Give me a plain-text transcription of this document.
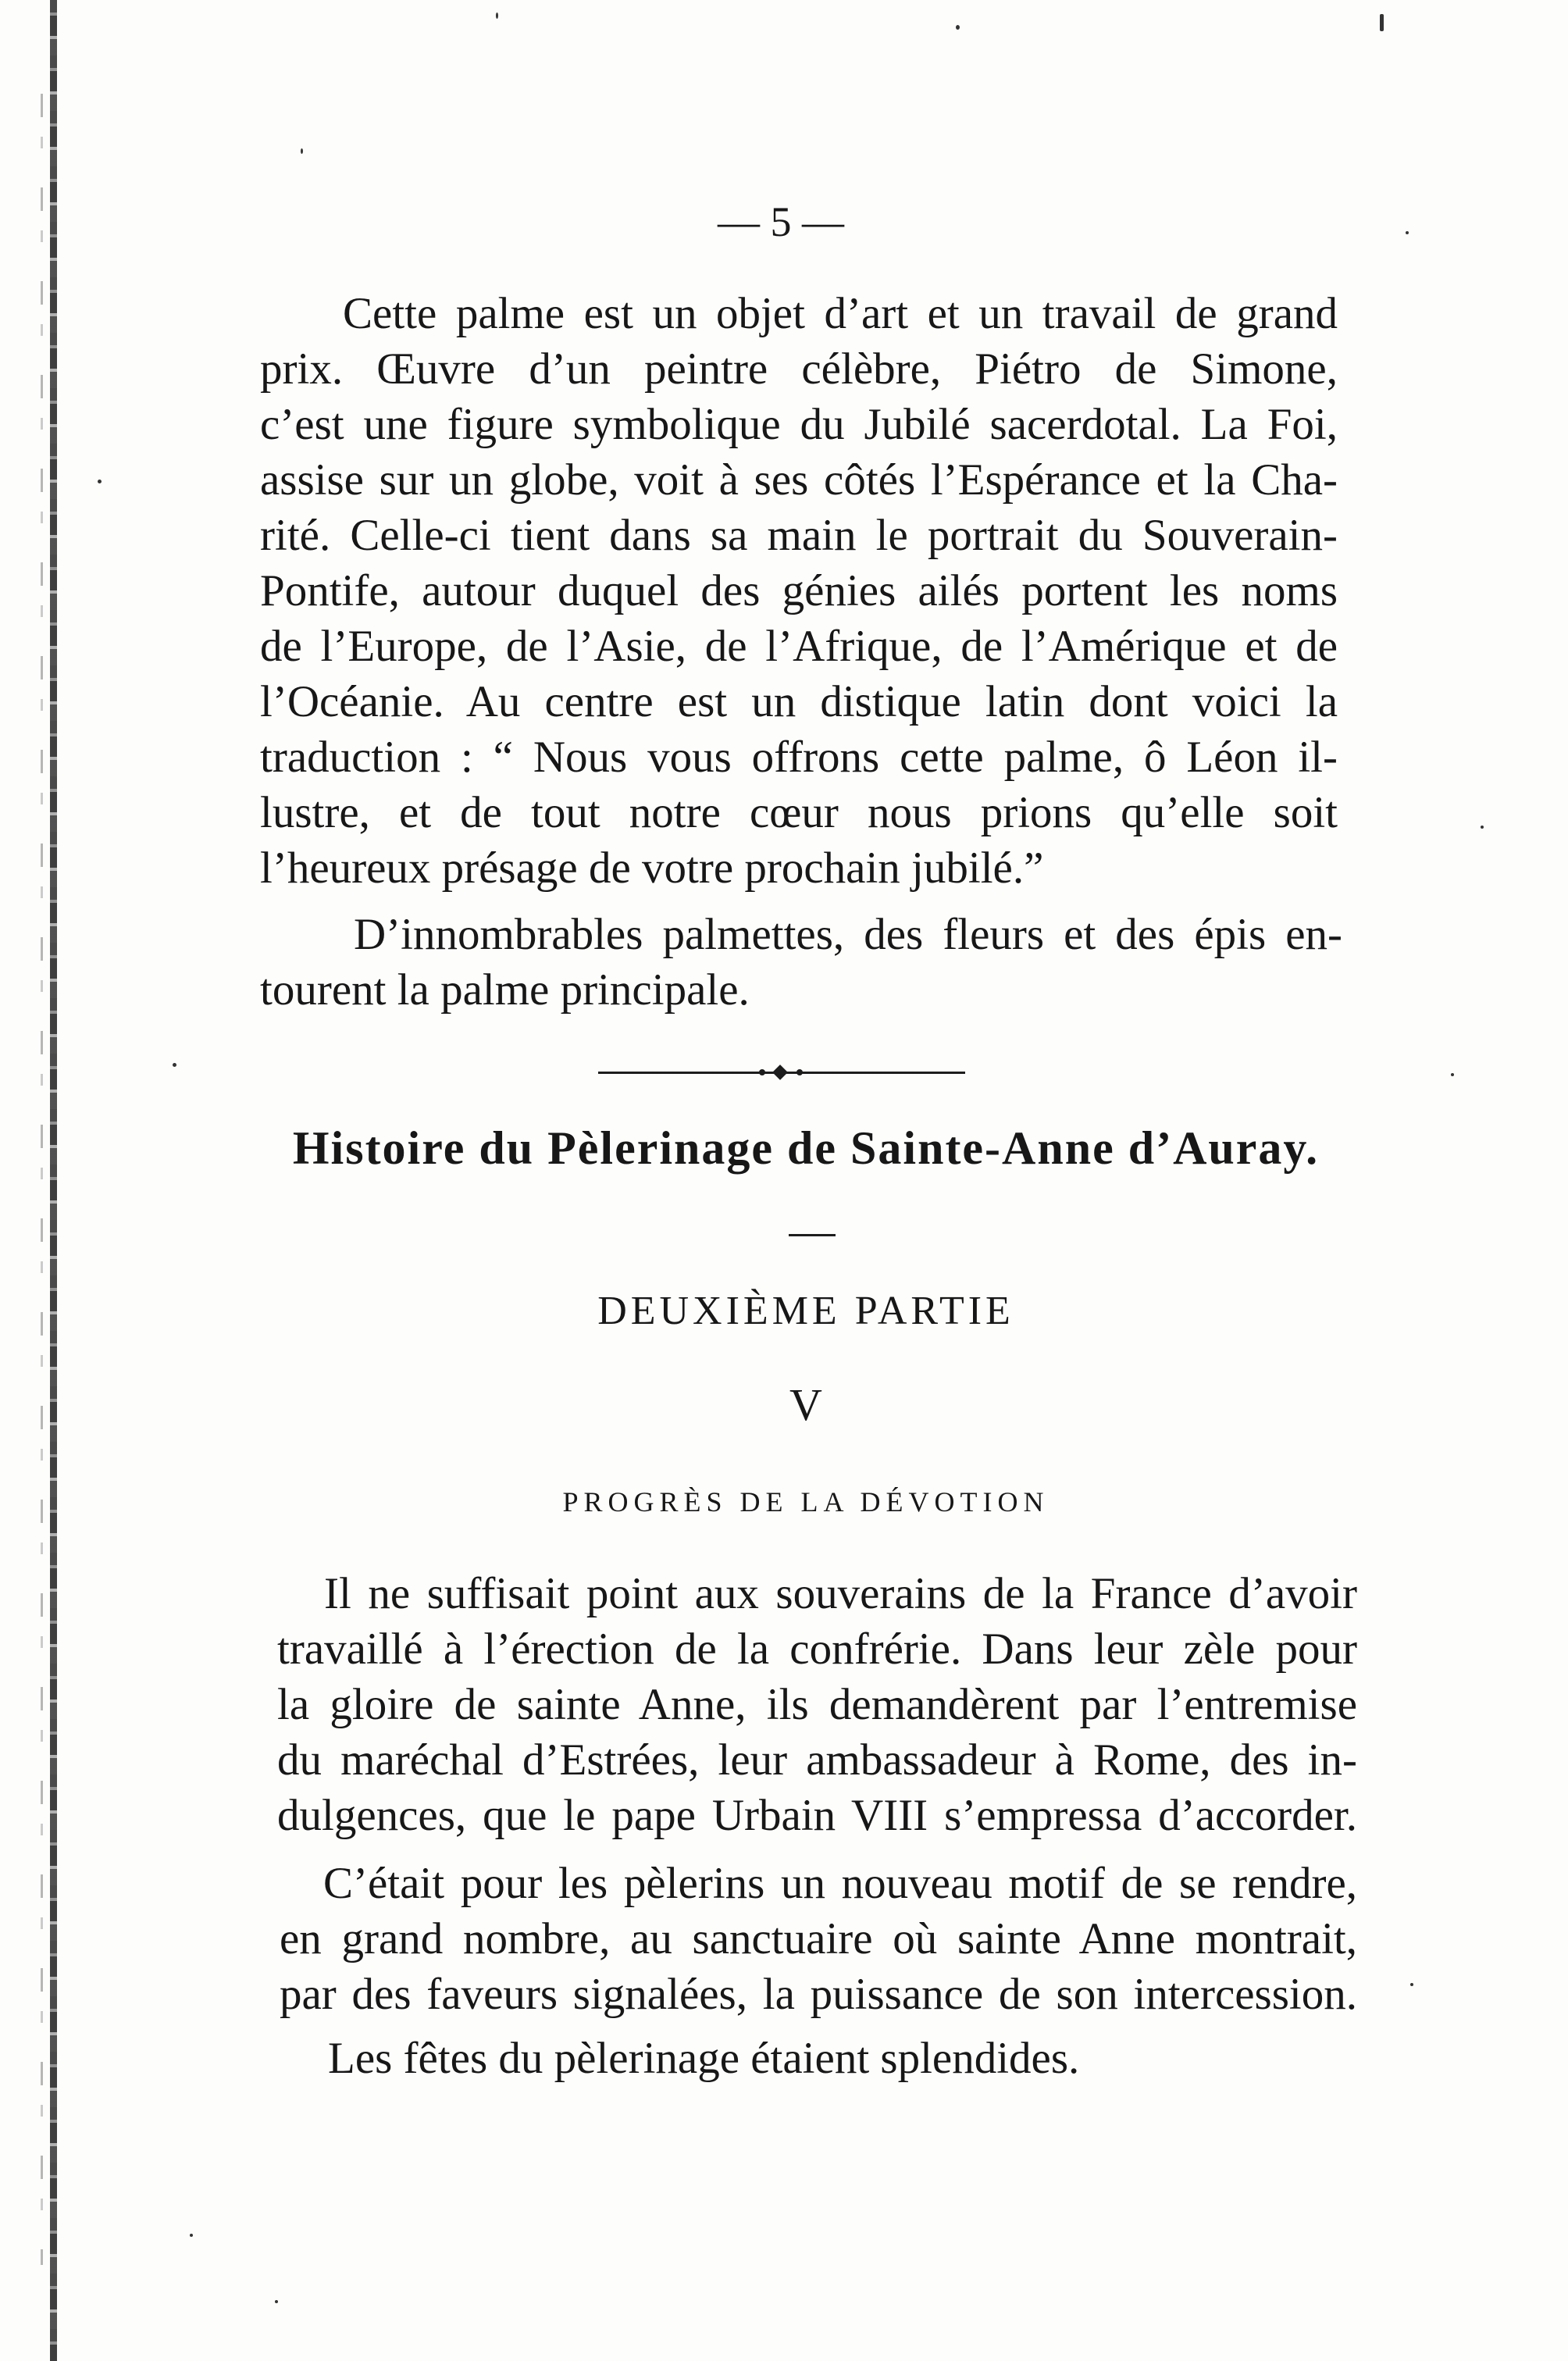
— 5 —
Cette palme est un objet d’art et un travail de grand
prix. Œuvre d’un peintre célèbre, Piétro de Simone,
c’est une figure symbolique du Jubilé sacerdotal. La Foi,
assise sur un globe, voit à ses côtés l’Espérance et la Cha-
rité. Celle-ci tient dans sa main le portrait du Souverain-
Pontife, autour duquel des génies ailés portent les noms
de l’Europe, de l’Asie, de l’Afrique, de l’Amérique et de
l’Océanie. Au centre est un distique latin dont voici la
traduction : “ Nous vous offrons cette palme, ô Léon il-
lustre, et de tout notre cœur nous prions qu’elle soit
l’heureux présage de votre prochain jubilé.”
D’innombrables palmettes, des fleurs et des épis en-
tourent la palme principale.
Histoire du Pèlerinage de Sainte-Anne d’Auray.
DEUXIÈME PARTIE
V
PROGRÈS DE LA DÉVOTION
Il ne suffisait point aux souverains de la France d’avoir
travaillé à l’érection de la confrérie. Dans leur zèle pour
la gloire de sainte Anne, ils demandèrent par l’entremise
du maréchal d’Estrées, leur ambassadeur à Rome, des in-
dulgences, que le pape Urbain VIII s’empressa d’accorder.
C’était pour les pèlerins un nouveau motif de se rendre,
en grand nombre, au sanctuaire où sainte Anne montrait,
par des faveurs signalées, la puissance de son intercession.
Les fêtes du pèlerinage étaient splendides.
